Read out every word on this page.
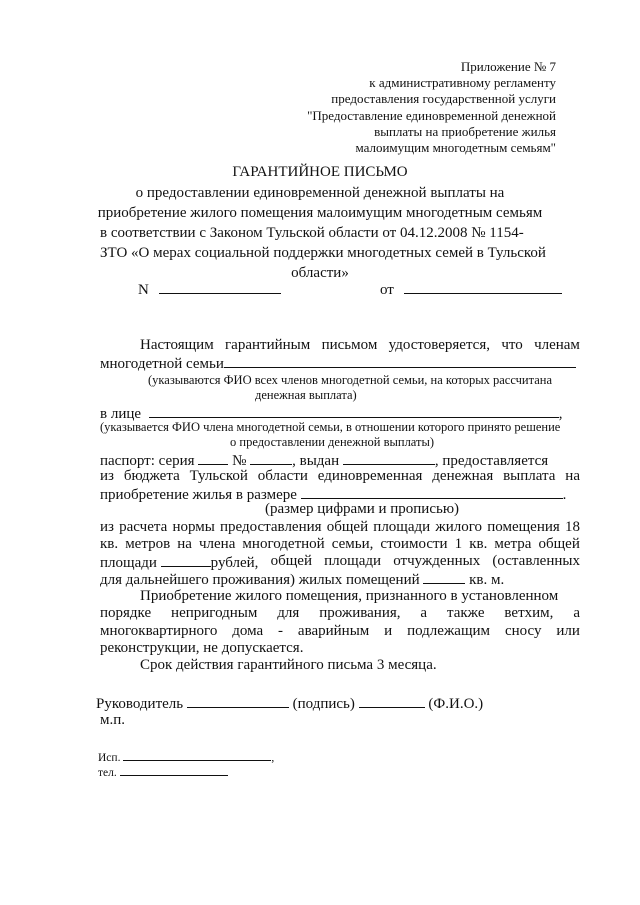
Приложение № 7
к административному регламенту
предоставления государственной услуги
"Предоставление единовременной денежной
выплаты на приобретение жилья
малоимущим многодетным семьям"
ГАРАНТИЙНОЕ ПИСЬМО
о предоставлении единовременной денежной выплаты на
приобретение жилого помещения малоимущим многодетным семьям
в соответствии с Законом Тульской области от 04.12.2008 № 1154-
ЗТО «О мерах социальной поддержки многодетных семей в Тульской
области»
N	от
Настоящим гарантийным письмом удостоверяется, что членам
многодетной семьи
(указываются ФИО всех членов многодетной семьи, на которых рассчитана
денежная выплата)
в лице	,
(указывается ФИО члена многодетной семьи, в отношении которого принято решение
о предоставлении денежной выплаты)
паспорт: серия	№	, выдан	, предоставляется
из бюджета Тульской области единовременная денежная выплата на
приобретение жилья в размере	.
(размер цифрами и прописью)
из расчета нормы предоставления общей площади жилого помещения 18
кв. метров на члена многодетной семьи, стоимости 1 кв. метра общей
площади	рублей, общей площади отчужденных (оставленных
для дальнейшего проживания) жилых помещений	кв. м.
Приобретение жилого помещения, признанного в установленном
порядке непригодным для проживания, а также ветхим, а
многоквартирного дома - аварийным и подлежащим сносу или
реконструкции, не допускается.
Срок действия гарантийного письма 3 месяца.
Руководитель	(подпись)	(Ф.И.О.)
м.п.
Исп.	,
тел.
